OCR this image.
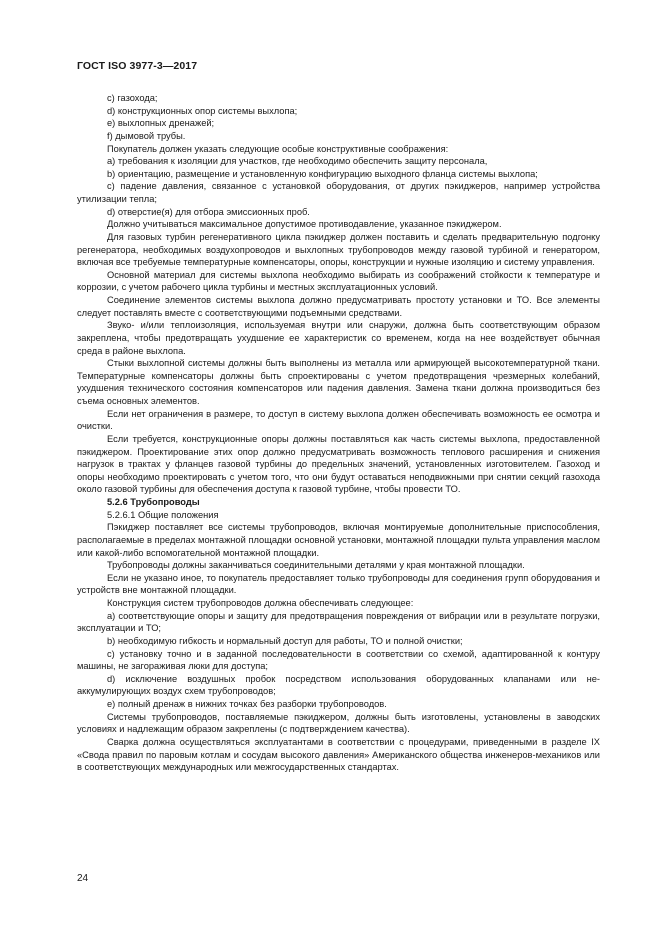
ГОСТ ISO 3977-3—2017

c) газохода;

d) конструкционных опор системы выхлопа;

e) выхлопных дренажей;

f) дымовой трубы.

Покупатель должен указать следующие особые конструктивные соображения:

a) требования к изоляции для участков, где необходимо обеспечить защиту персонала,

b) ориентацию, размещение и установленную конфигурацию выходного фланца системы выхлопа;

c) падение давления, связанное с установкой оборудования, от других пэкиджеров, например устройства утилизации тепла;

d) отверстие(я) для отбора эмиссионных проб.

Должно учитываться максимальное допустимое противодавление, указанное пэкиджером.

Для газовых турбин регенеративного цикла пэкиджер должен поставить и сделать предварительную подгонку регенератора, необходимых воздухопроводов и выхлопных трубопроводов между газовой турбиной и генератором, включая все требуемые температурные компенсаторы, опоры, конструкции и нужные изоляцию и систему управления.

Основной материал для системы выхлопа необходимо выбирать из соображений стойкости к температуре и коррозии, с учетом рабочего цикла турбины и местных эксплуатационных условий.

Соединение элементов системы выхлопа должно предусматривать простоту установки и ТО. Все элементы следует поставлять вместе с соответствующими подъемными средствами.

Звуко- и/или теплоизоляция, используемая внутри или снаружи, должна быть соответствующим образом закреплена, чтобы предотвращать ухудшение ее характеристик со временем, когда на нее воздействует обычная среда в районе выхлопа.

Стыки выхлопной системы должны быть выполнены из металла или армирующей высокотемпературной ткани. Температурные компенсаторы должны быть спроектированы с учетом предотвращения чрезмерных колебаний, ухудшения технического состояния компенсаторов или падения давления. Замена ткани должна производиться без съема основных элементов.

Если нет ограничения в размере, то доступ в систему выхлопа должен обеспечивать возможность ее осмотра и очистки.

Если требуется, конструкционные опоры должны поставляться как часть системы выхлопа, предоставленной пэкиджером. Проектирование этих опор должно предусматривать возможность теплового расширения и снижения нагрузок в трактах у фланцев газовой турбины до предельных значений, установленных изготовителем. Газоход и опоры необходимо проектировать с учетом того, что они будут оставаться неподвижными при снятии секций газохода около газовой турбины для обеспечения доступа к газовой турбине, чтобы провести ТО.

5.2.6 Трубопроводы

5.2.6.1 Общие положения

Пэкиджер поставляет все системы трубопроводов, включая монтируемые дополнительные приспособления, располагаемые в пределах монтажной площадки основной установки, монтажной площадки пульта управления маслом или какой-либо вспомогательной монтажной площадки.

Трубопроводы должны заканчиваться соединительными деталями у края монтажной площадки.

Если не указано иное, то покупатель предоставляет только трубопроводы для соединения групп оборудования и устройств вне монтажной площадки.

Конструкция систем трубопроводов должна обеспечивать следующее:

a) соответствующие опоры и защиту для предотвращения повреждения от вибрации или в результате погрузки, эксплуатации и ТО;

b) необходимую гибкость и нормальный доступ для работы, ТО и полной очистки;

c) установку точно и в заданной последовательности в соответствии со схемой, адаптированной к контуру машины, не загораживая люки для доступа;

d) исключение воздушных пробок посредством использования оборудованных клапанами или неаккумулирующих воздух схем трубопроводов;

e) полный дренаж в нижних точках без разборки трубопроводов.

Системы трубопроводов, поставляемые пэкиджером, должны быть изготовлены, установлены в заводских условиях и надлежащим образом закреплены (с подтверждением качества).

Сварка должна осуществляться эксплуатантами в соответствии с процедурами, приведенными в разделе IX «Свода правил по паровым котлам и сосудам высокого давления» Американского общества инженеров-механиков или в соответствующих международных или межгосударственных стандартах.

24
